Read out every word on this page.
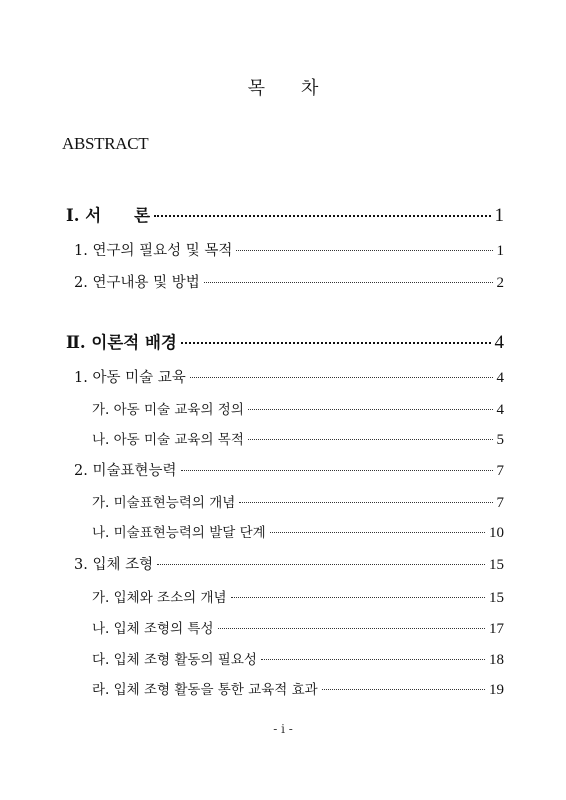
목 차
ABSTRACT
Ⅰ. 서　　론	1
1. 연구의 필요성 및 목적	1
2. 연구내용 및 방법	2
Ⅱ. 이론적 배경	4
1. 아동 미술 교육	4
가. 아동 미술 교육의 정의	4
나. 아동 미술 교육의 목적	5
2. 미술표현능력	7
가. 미술표현능력의 개념	7
나. 미술표현능력의 발달 단계	10
3. 입체 조형	15
가. 입체와 조소의 개념	15
나. 입체 조형의 특성	17
다. 입체 조형 활동의 필요성	18
라. 입체 조형 활동을 통한 교육적 효과	19
- i -
